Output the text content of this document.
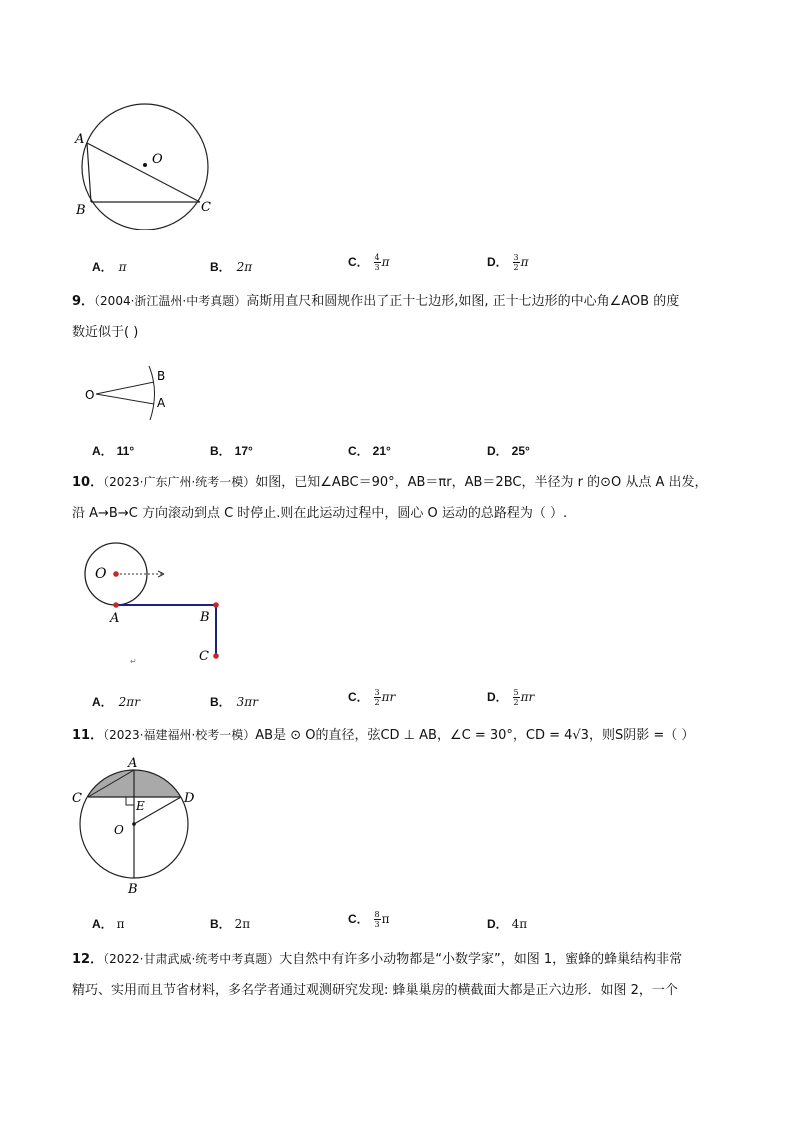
A
B	C
O
A． π	B． 2π	C． $\frac{4}{3}$ π	D． $\frac{3}{2}$ π
9．（2004·浙江温州·中考真题）高斯用直尺和圆规作出了正十七边形,如图, 正十七边形的中心角∠AOB 的度
数近似于( )
O
B
A
A． 11°	B． 17°	C． 21°	D． 25°
10．（2023·广东广州·统考一模）如图，已知∠ABC＝90°，AB＝πr，AB＝2BC，半径为 r 的⊙O 从点 A 出发，
沿 A→B→C 方向滚动到点 C 时停止.则在此运动过程中，圆心 O 运动的总路程为（ ）.
O
A	B
C
↵
A． 2πr	B． 3πr	C． $\frac{3}{2}$ πr	D． $\frac{5}{2}$ πr
11．（2023·福建福州·校考一模）AB是 ⊙ O的直径，弦CD ⊥ AB，∠C = 30°，CD = 4√3，则S阴影 =（ ）
A
C	D
E
O
B
A． π	B． 2π	C． $\frac{8}{3}$ π	D． 4π
12．（2022·甘肃武威·统考中考真题）大自然中有许多小动物都是“小数学家”，如图 1，蜜蜂的蜂巢结构非常
精巧、实用而且节省材料，多名学者通过观测研究发现: 蜂巢巢房的横截面大都是正六边形．如图 2，一个
